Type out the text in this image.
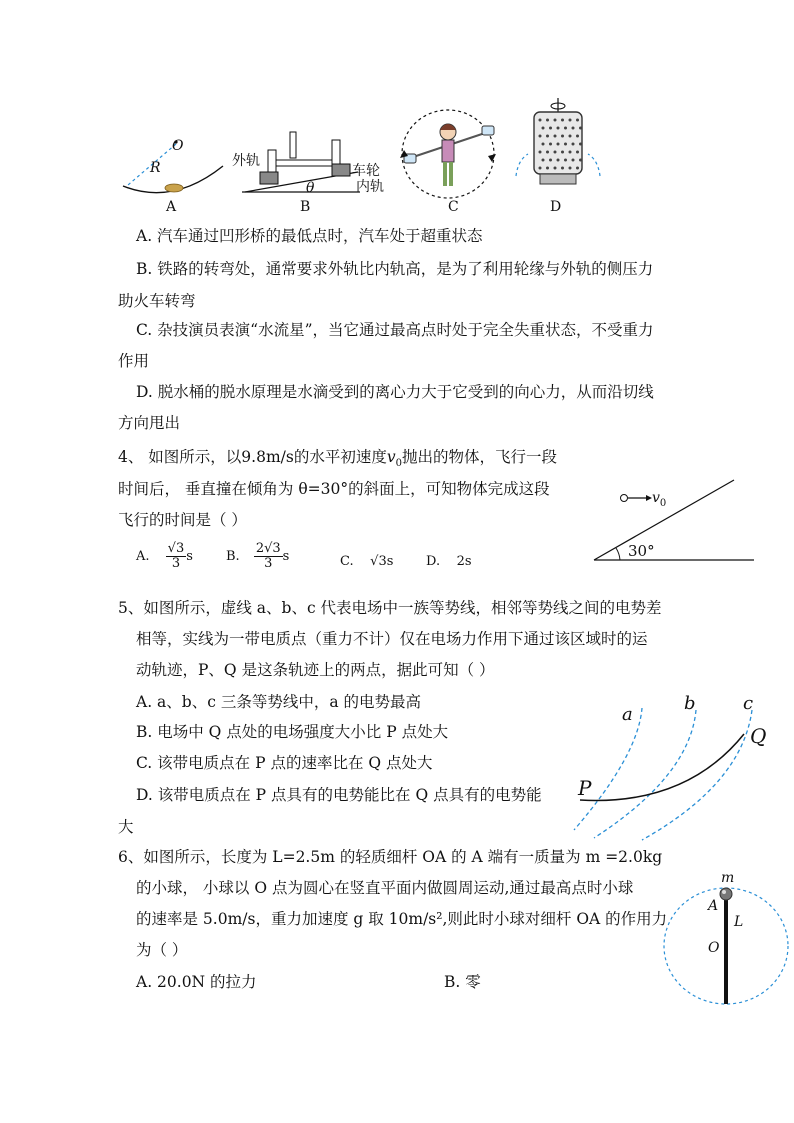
O
R
A
外轨
车轮
内轨
θ
B	C	D
A. 汽车通过凹形桥的最低点时，汽车处于超重状态
B. 铁路的转弯处，通常要求外轨比内轨高，是为了利用轮缘与外轨的侧压力
助火车转弯
C. 杂技演员表演“水流星”，当它通过最高点时处于完全失重状态，不受重力
作用
D. 脱水桶的脱水原理是水滴受到的离心力大于它受到的向心力，从而沿切线
方向甩出
4、 如图所示，以9.8m/s的水平初速度$v_0$抛出的物体，飞行一段
时间后， 垂直撞在倾角为 θ=30°的斜面上，可知物体完成这段
飞行的时间是（ ）
A. $\frac{√3}{3}$ s	B. $\frac{2√3}{3}$ s	C. √3s	D. 2s
$v_0$
30°
5、如图所示，虚线 a、b、c 代表电场中一族等势线，相邻等势线之间的电势差
相等，实线为一带电质点（重力不计）仅在电场力作用下通过该区域时的运
动轨迹，P、Q 是这条轨迹上的两点，据此可知（ ）
A. a、b、c 三条等势线中，a 的电势最高
B. 电场中 Q 点处的电场强度大小比 P 点处大
C. 该带电质点在 P 点的速率比在 Q 点处大
D. 该带电质点在 P 点具有的电势能比在 Q 点具有的电势能
大
a
b	c
Q
P
6、如图所示，长度为 L=2.5m 的轻质细杆 OA 的 A 端有一质量为 m =2.0kg
的小球， 小球以 O 点为圆心在竖直平面内做圆周运动,通过最高点时小球
的速率是 5.0m/s，重力加速度 g 取 10m/s²,则此时小球对细杆 OA 的作用力
为（ ）
A. 20.0N 的拉力	B. 零
m
A
L
O
